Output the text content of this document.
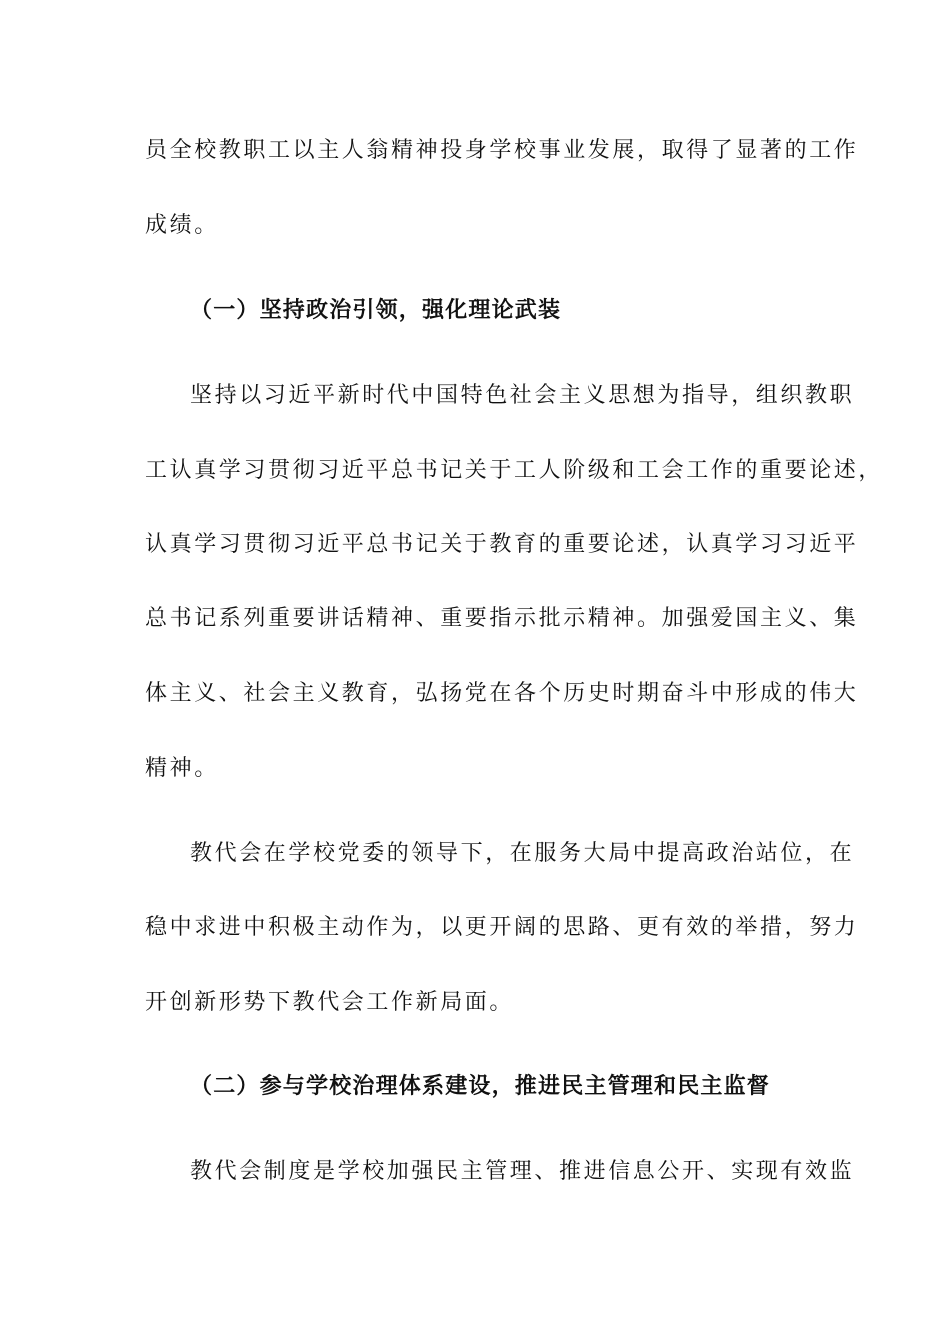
员全校教职工以主人翁精神投身学校事业发展，取得了显著的工作
成绩。
（一）坚持政治引领，强化理论武装
坚持以习近平新时代中国特色社会主义思想为指导，组织教职
工认真学习贯彻习近平总书记关于工人阶级和工会工作的重要论述，
认真学习贯彻习近平总书记关于教育的重要论述，认真学习习近平
总书记系列重要讲话精神、重要指示批示精神。加强爱国主义、集
体主义、社会主义教育，弘扬党在各个历史时期奋斗中形成的伟大
精神。
教代会在学校党委的领导下，在服务大局中提高政治站位，在
稳中求进中积极主动作为，以更开阔的思路、更有效的举措，努力
开创新形势下教代会工作新局面。
（二）参与学校治理体系建设，推进民主管理和民主监督
教代会制度是学校加强民主管理、推进信息公开、实现有效监
